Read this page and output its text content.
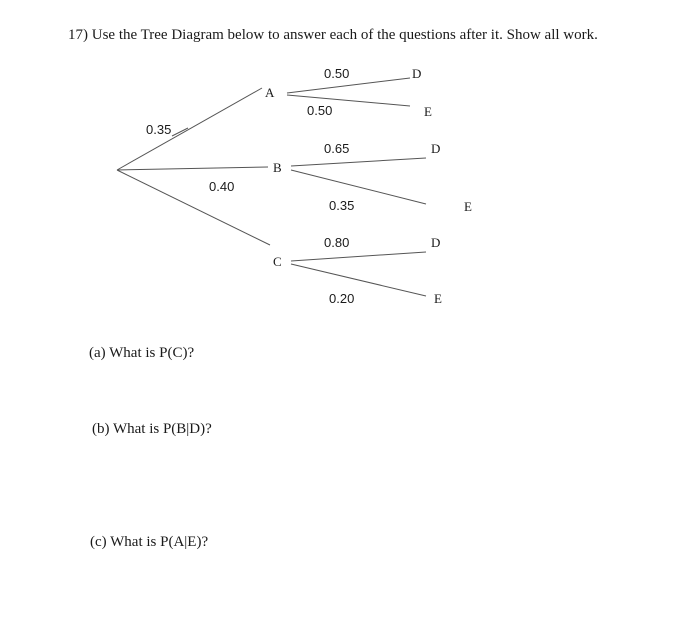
17) Use the Tree Diagram below to answer each of the questions after it. Show all work.
0.35
0.40
A
B
C
0.50
0.50
D
E
0.65
0.35
D
E
0.80
0.20
D
E
(a) What is P(C)?
(b) What is P(B|D)?
(c) What is P(A|E)?
